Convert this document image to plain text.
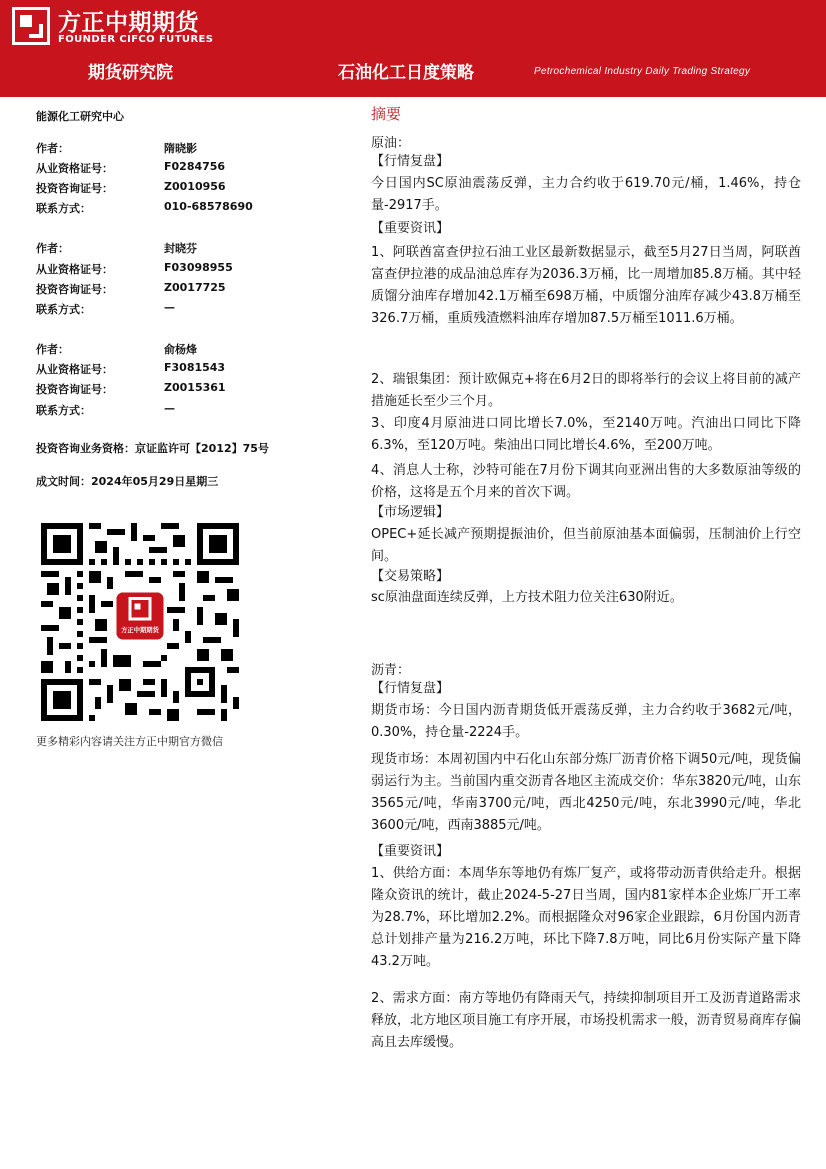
方正中期期货
FOUNDER CIFCO FUTURES
期货研究院	石油化工日度策略	Petrochemical Industry Daily Trading Strategy
能源化工研究中心
作者：	隋晓影
从业资格证号：	F0284756
投资咨询证号：	Z0010956
联系方式：	010-68578690
作者：	封晓芬
从业资格证号：	F03098955
投资咨询证号：	Z0017725
联系方式：	—
作者：	俞杨烽
从业资格证号：	F3081543
投资咨询证号：	Z0015361
联系方式：	—
投资咨询业务资格：京证监许可【2012】75号
成文时间：2024年05月29日星期三
方正中期期货
更多精彩内容请关注方正中期官方微信
摘要
原油：
【行情复盘】
今日国内SC原油震荡反弹，主力合约收于619.70元/桶，1.46%，持仓量-2917手。
【重要资讯】
1、阿联酋富查伊拉石油工业区最新数据显示，截至5月27日当周，阿联酋富查伊拉港的成品油总库存为2036.3万桶，比一周增加85.8万桶。其中轻质馏分油库存增加42.1万桶至698万桶，中质馏分油库存减少43.8万桶至326.7万桶，重质残渣燃料油库存增加87.5万桶至1011.6万桶。
2、瑞银集团：预计欧佩克+将在6月2日的即将举行的会议上将目前的减产措施延长至少三个月。
3、印度4月原油进口同比增长7.0%，至2140万吨。汽油出口同比下降6.3%，至120万吨。柴油出口同比增长4.6%，至200万吨。
4、消息人士称，沙特可能在7月份下调其向亚洲出售的大多数原油等级的价格，这将是五个月来的首次下调。
【市场逻辑】
OPEC+延长减产预期提振油价，但当前原油基本面偏弱，压制油价上行空间。
【交易策略】
sc原油盘面连续反弹，上方技术阻力位关注630附近。
沥青：
【行情复盘】
期货市场：今日国内沥青期货低开震荡反弹，主力合约收于3682元/吨，0.30%，持仓量-2224手。
现货市场：本周初国内中石化山东部分炼厂沥青价格下调50元/吨，现货偏弱运行为主。当前国内重交沥青各地区主流成交价：华东3820元/吨，山东3565元/吨，华南3700元/吨，西北4250元/吨，东北3990元/吨，华北3600元/吨，西南3885元/吨。
【重要资讯】
1、供给方面：本周华东等地仍有炼厂复产，或将带动沥青供给走升。根据隆众资讯的统计，截止2024-5-27日当周，国内81家样本企业炼厂开工率为28.7%，环比增加2.2%。而根据隆众对96家企业跟踪，6月份国内沥青总计划排产量为216.2万吨，环比下降7.8万吨，同比6月份实际产量下降43.2万吨。
2、需求方面：南方等地仍有降雨天气，持续抑制项目开工及沥青道路需求释放，北方地区项目施工有序开展，市场投机需求一般，沥青贸易商库存偏高且去库缓慢。
